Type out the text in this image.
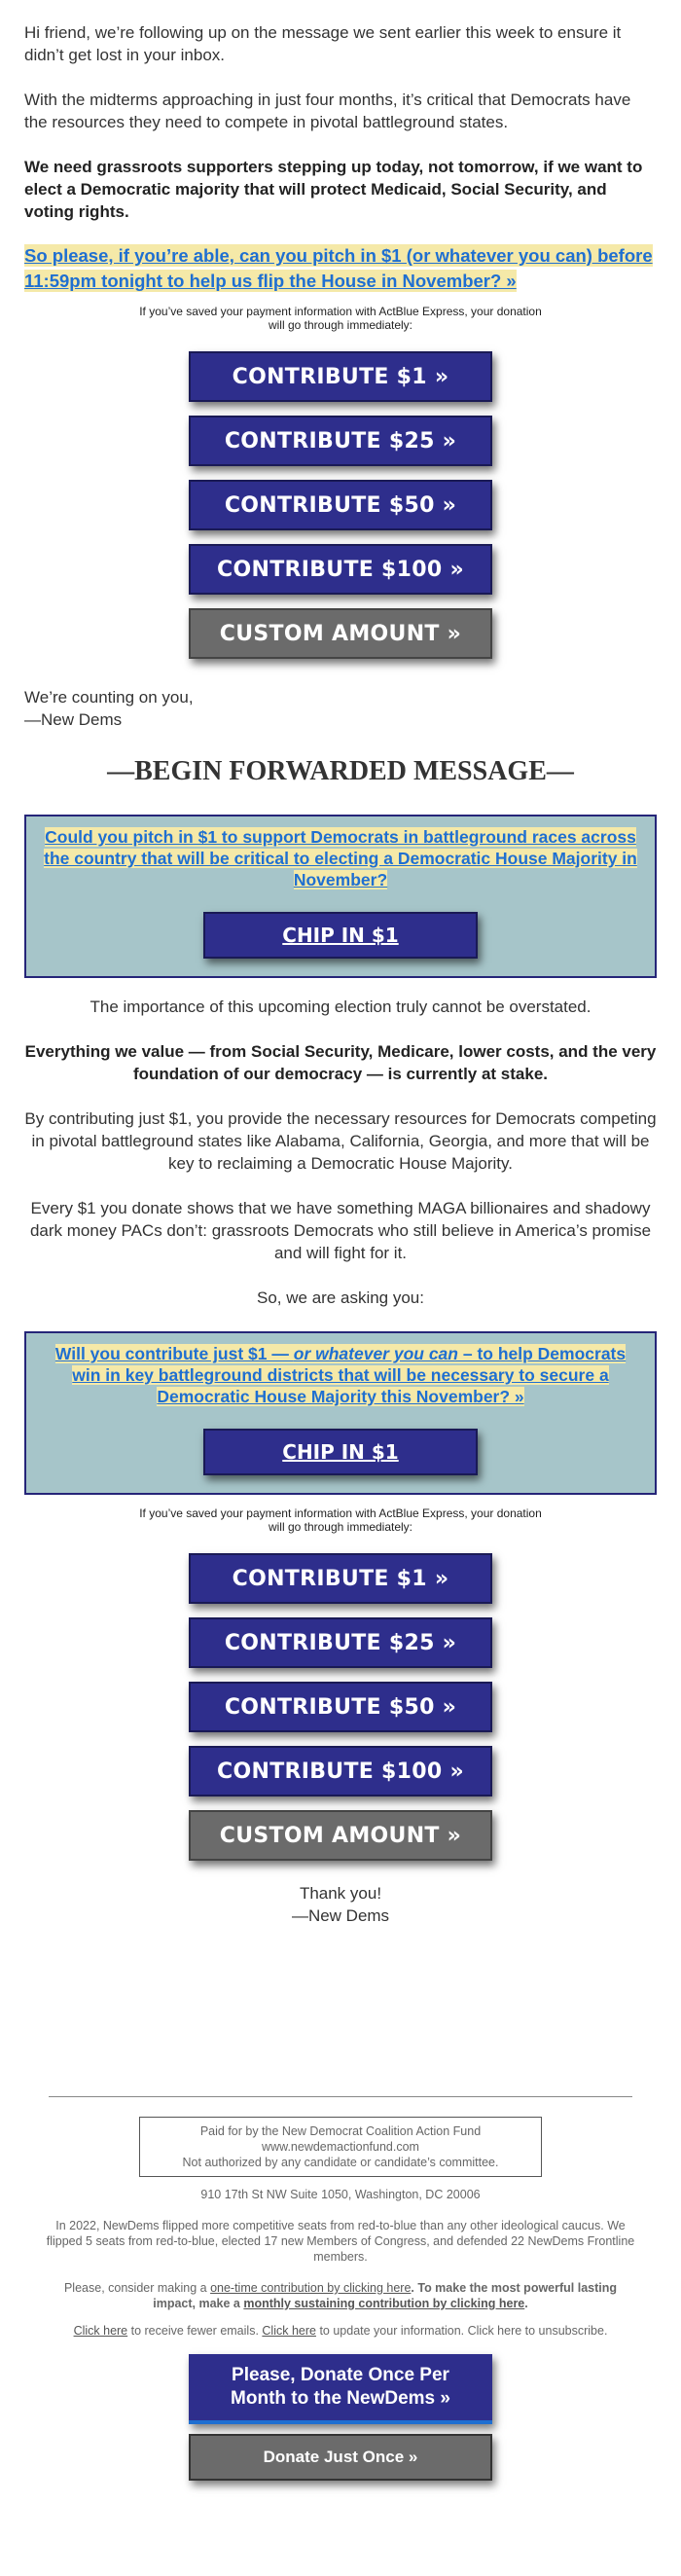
Hi friend, we’re following up on the message we sent earlier this week to ensure it didn’t get lost in your inbox.

With the midterms approaching in just four months, it’s critical that Democrats have the resources they need to compete in pivotal battleground states.

We need grassroots supporters stepping up today, not tomorrow, if we want to elect a Democratic majority that will protect Medicaid, Social Security, and voting rights.

So please, if you’re able, can you pitch in $1 (or whatever you can) before 11:59pm tonight to help us flip the House in November? »

If you’ve saved your payment information with ActBlue Express, your donation

will go through immediately:

CONTRIBUTE $1 »
CONTRIBUTE $25 »
CONTRIBUTE $50 »
CONTRIBUTE $100 »
CUSTOM AMOUNT »

We’re counting on you,

—New Dems

—BEGIN FORWARDED MESSAGE—

Could you pitch in $1 to support Democrats in battleground races across the country that will be critical to electing a Democratic House Majority in November?
CHIP IN $1

The importance of this upcoming election truly cannot be overstated.

Everything we value — from Social Security, Medicare, lower costs, and the very foundation of our democracy — is currently at stake.

By contributing just $1, you provide the necessary resources for Democrats competing in pivotal battleground states like Alabama, California, Georgia, and more that will be key to reclaiming a Democratic House Majority.

Every $1 you donate shows that we have something MAGA billionaires and shadowy dark money PACs don’t: grassroots Democrats who still believe in America’s promise and will fight for it.

So, we are asking you:

Will you contribute just $1 — or whatever you can – to help Democrats win in key battleground districts that will be necessary to secure a Democratic House Majority this November? »
CHIP IN $1

If you’ve saved your payment information with ActBlue Express, your donation

will go through immediately:

CONTRIBUTE $1 »
CONTRIBUTE $25 »
CONTRIBUTE $50 »
CONTRIBUTE $100 »
CUSTOM AMOUNT »

Thank you!

—New Dems

Paid for by the New Democrat Coalition Action Fund
www.newdemactionfund.com
Not authorized by any candidate or candidate’s committee.

910 17th St NW Suite 1050, Washington, DC 20006

In 2022, NewDems flipped more competitive seats from red-to-blue than any other ideological caucus. We flipped 5 seats from red-to-blue, elected 17 new Members of Congress, and defended 22 NewDems Frontline members.

Please, consider making a one-time contribution by clicking here. To make the most powerful lasting impact, make a monthly sustaining contribution by clicking here.

Click here to receive fewer emails. Click here to update your information. Click here to unsubscribe.

Please, Donate Once Per Month to the NewDems »
Donate Just Once »
